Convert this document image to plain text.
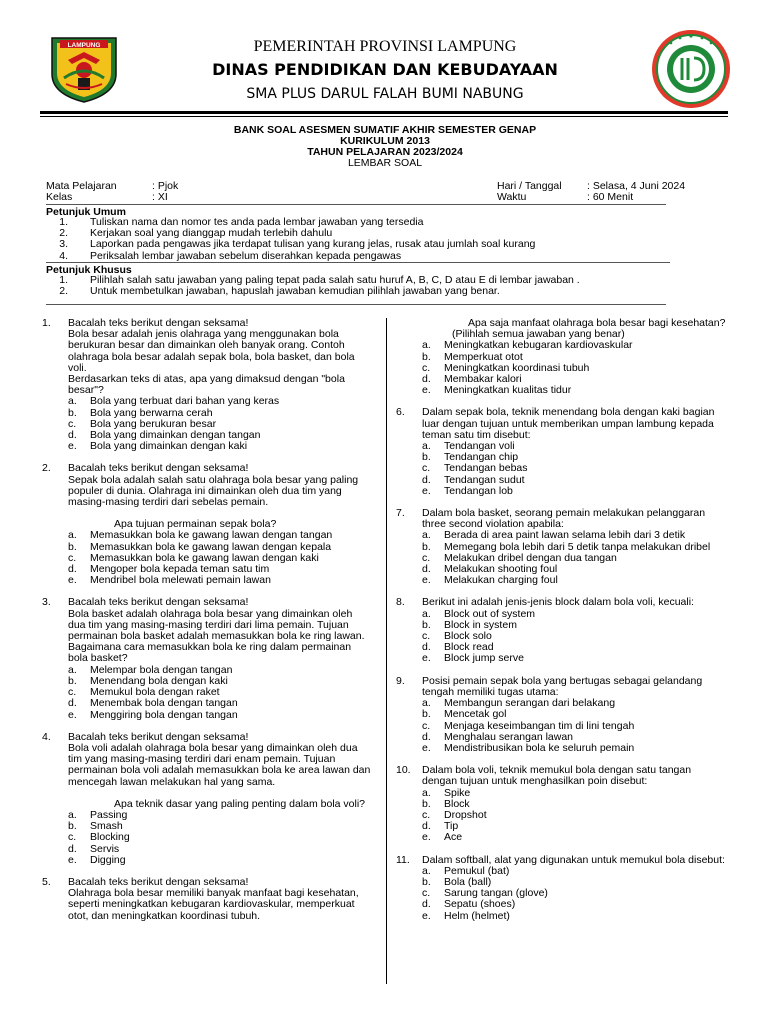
LAMPUNG	PEMERINTAH PROVINSI LAMPUNG
DINAS PENDIDIKAN DAN KEBUDAYAAN
SMA PLUS DARUL FALAH BUMI NABUNG
BANK SOAL ASESMEN SUMATIF AKHIR SEMESTER GENAP
KURIKULUM 2013
TAHUN PELAJARAN 2023/2024
LEMBAR SOAL
Mata Pelajaran	: Pjok
Kelas	: XI
Hari / Tanggal : Selasa, 4 Juni 2024
Waktu	: 60 Menit
Petunjuk Umum
1. Tuliskan nama dan nomor tes anda pada lembar jawaban yang tersedia
2. Kerjakan soal yang dianggap mudah terlebih dahulu
3. Laporkan pada pengawas jika terdapat tulisan yang kurang jelas, rusak atau jumlah soal kurang
4. Periksalah lembar jawaban sebelum diserahkan kepada pengawas
Petunjuk Khusus
1. Pilihlah salah satu jawaban yang paling tepat pada salah satu huruf A, B, C, D atau E di lembar jawaban .
2. Untuk membetulkan jawaban, hapuslah jawaban kemudian pilihlah jawaban yang benar.
1.	Bacalah teks berikut dengan seksama!

Bola besar adalah jenis olahraga yang menggunakan bola berukuran besar dan dimainkan oleh banyak orang. Contoh olahraga bola besar adalah sepak bola, bola basket, dan bola voli.

Berdasarkan teks di atas, apa yang dimaksud dengan "bola besar"?

a.	Bola yang terbuat dari bahan yang keras
b.	Bola yang berwarna cerah
c.	Bola yang berukuran besar
d.	Bola yang dimainkan dengan tangan
e.	Bola yang dimainkan dengan kaki
2.	Bacalah teks berikut dengan seksama!

Sepak bola adalah salah satu olahraga bola besar yang paling populer di dunia. Olahraga ini dimainkan oleh dua tim yang masing-masing terdiri dari sebelas pemain.

Apa tujuan permainan sepak bola?

a.	Memasukkan bola ke gawang lawan dengan tangan
b.	Memasukkan bola ke gawang lawan dengan kepala
c.	Memasukkan bola ke gawang lawan dengan kaki
d.	Mengoper bola kepada teman satu tim
e.	Mendribel bola melewati pemain lawan
3.	Bacalah teks berikut dengan seksama!

Bola basket adalah olahraga bola besar yang dimainkan oleh dua tim yang masing-masing terdiri dari lima pemain. Tujuan permainan bola basket adalah memasukkan bola ke ring lawan.

Bagaimana cara memasukkan bola ke ring dalam permainan bola basket?

a.	Melempar bola dengan tangan
b.	Menendang bola dengan kaki
c.	Memukul bola dengan raket
d.	Menembak bola dengan tangan
e.	Menggiring bola dengan tangan
4.	Bacalah teks berikut dengan seksama!

Bola voli adalah olahraga bola besar yang dimainkan oleh dua tim yang masing-masing terdiri dari enam pemain. Tujuan permainan bola voli adalah memasukkan bola ke area lawan dan mencegah lawan melakukan hal yang sama.

Apa teknik dasar yang paling penting dalam bola voli?

a.	Passing
b.	Smash
c.	Blocking
d.	Servis
e.	Digging
5.	Bacalah teks berikut dengan seksama!

Olahraga bola besar memiliki banyak manfaat bagi kesehatan, seperti meningkatkan kebugaran kardiovaskular, memperkuat otot, dan meningkatkan koordinasi tubuh.

Apa saja manfaat olahraga bola besar bagi kesehatan?

(Pilihlah semua jawaban yang benar)

a.	Meningkatkan kebugaran kardiovaskular
b.	Memperkuat otot
c.	Meningkatkan koordinasi tubuh
d.	Membakar kalori
e.	Meningkatkan kualitas tidur
6.	Dalam sepak bola, teknik menendang bola dengan kaki bagian luar dengan tujuan untuk memberikan umpan lambung kepada teman satu tim disebut:

a.	Tendangan voli
b.	Tendangan chip
c.	Tendangan bebas
d.	Tendangan sudut
e.	Tendangan lob
7.	Dalam bola basket, seorang pemain melakukan pelanggaran three second violation apabila:

a.	Berada di area paint lawan selama lebih dari 3 detik
b.	Memegang bola lebih dari 5 detik tanpa melakukan dribel
c.	Melakukan dribel dengan dua tangan
d.	Melakukan shooting foul
e.	Melakukan charging foul
8.	Berikut ini adalah jenis-jenis block dalam bola voli, kecuali:

a.	Block out of system
b.	Block in system
c.	Block solo
d.	Block read
e.	Block jump serve
9.	Posisi pemain sepak bola yang bertugas sebagai gelandang tengah memiliki tugas utama:

a.	Membangun serangan dari belakang
b.	Mencetak gol
c.	Menjaga keseimbangan tim di lini tengah
d.	Menghalau serangan lawan
e.	Mendistribusikan bola ke seluruh pemain
10.	Dalam bola voli, teknik memukul bola dengan satu tangan dengan tujuan untuk menghasilkan poin disebut:

a.	Spike
b.	Block
c.	Dropshot
d.	Tip
e.	Ace
11.	Dalam softball, alat yang digunakan untuk memukul bola disebut:

a.	Pemukul (bat)
b.	Bola (ball)
c.	Sarung tangan (glove)
d.	Sepatu (shoes)
e.	Helm (helmet)
